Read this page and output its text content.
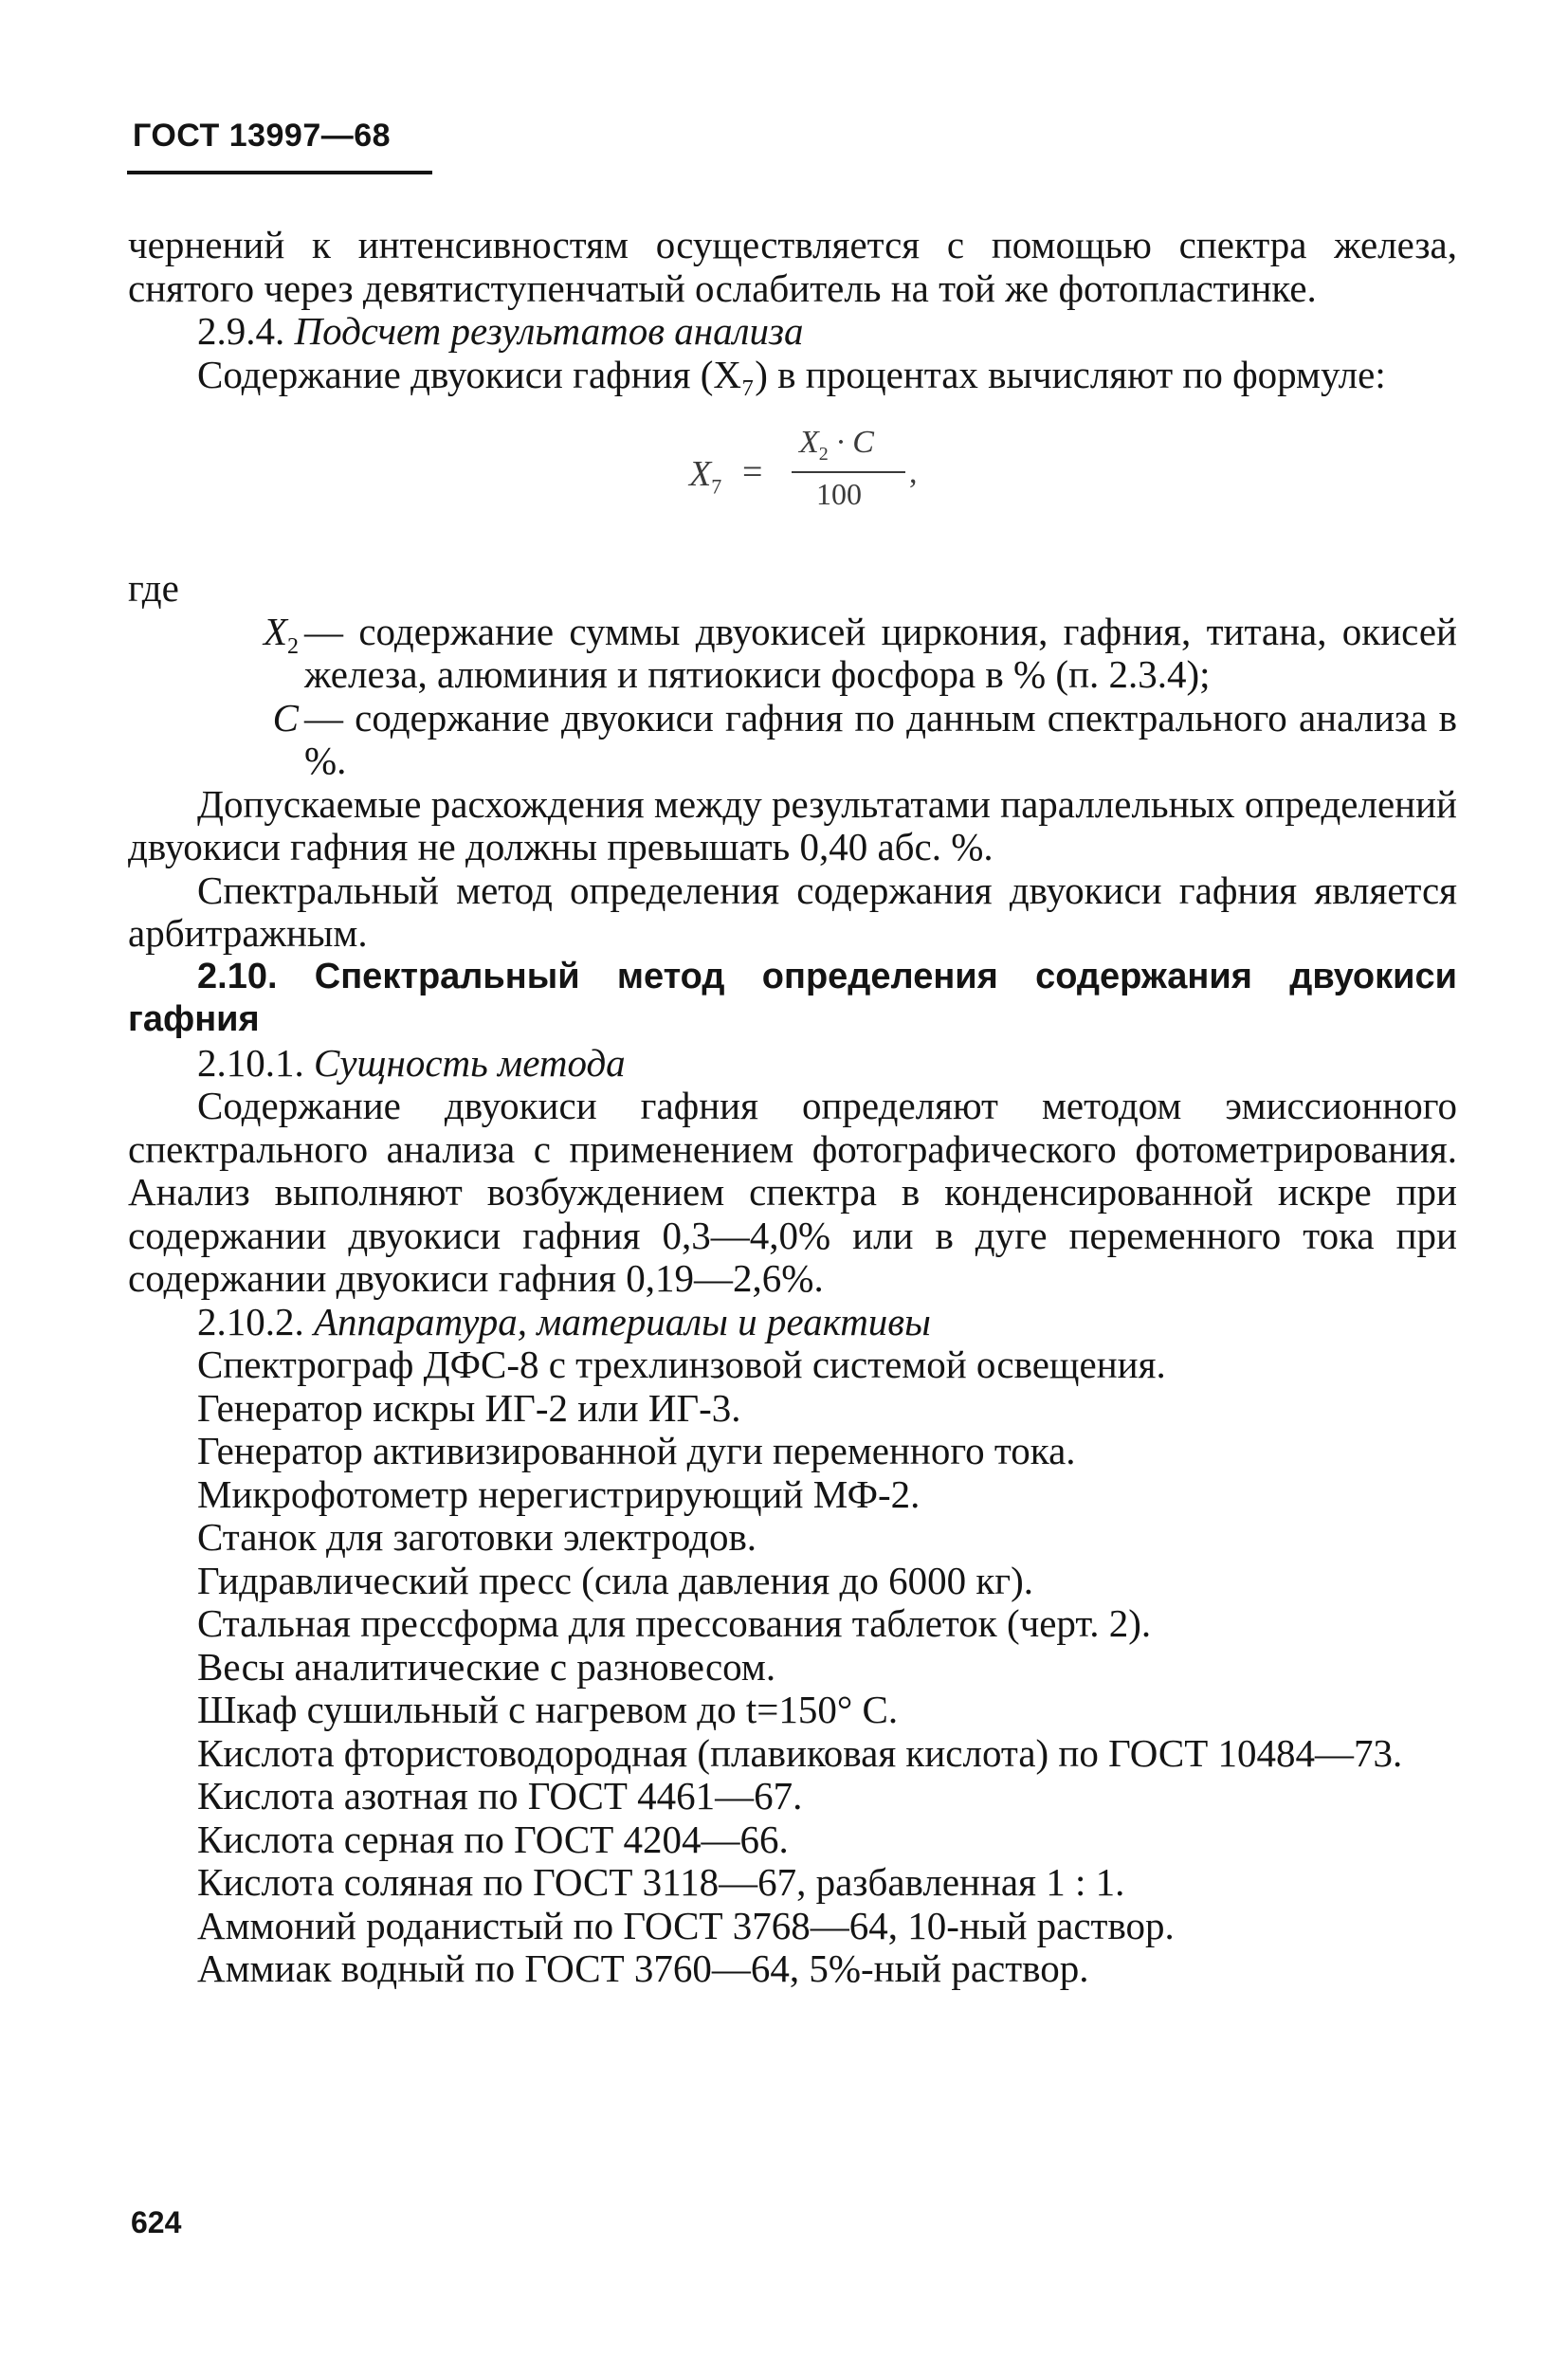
ГОСТ 13997—68

чернений к интенсивностям осуществляется с помощью спектра железа, снятого через девятиступенчатый ослабитель на той же фотопластинке.

2.9.4. Подсчет результатов анализа

Содержание двуокиси гафния (X₇) в процентах вычисляют по формуле:

$X_7$ =
$X_2 \cdot C$
100
,
где
$X_2$ — содержание суммы двуокисей циркония, гафния, титана, окисей железа, алюминия и пятиокиси фосфора в % (п. 2.3.4);
C — содержание двуокиси гафния по данным спектрального анализа в %.

Допускаемые расхождения между результатами параллельных определений двуокиси гафния не должны превышать 0,40 абс. %.

Спектральный метод определения содержания двуокиси гафния является арбитражным.

2.10. Спектральный метод определения содержания двуокиси гафния

2.10.1. Сущность метода

Содержание двуокиси гафния определяют методом эмиссионного спектрального анализа с применением фотографического фотометрирования. Анализ выполняют возбуждением спектра в конденсированной искре при содержании двуокиси гафния 0,3—4,0% или в дуге переменного тока при содержании двуокиси гафния 0,19—2,6%.

2.10.2. Аппаратура, материалы и реактивы

Спектрограф ДФС-8 с трехлинзовой системой освещения.

Генератор искры ИГ-2 или ИГ-3.

Генератор активизированной дуги переменного тока.

Микрофотометр нерегистрирующий МФ-2.

Станок для заготовки электродов.

Гидравлический пресс (сила давления до 6000 кг).

Стальная прессформа для прессования таблеток (черт. 2).

Весы аналитические с разновесом.

Шкаф сушильный с нагревом до t=150° С.

Кислота фтористоводородная (плавиковая кислота) по ГОСТ 10484—73.

Кислота азотная по ГОСТ 4461—67.

Кислота серная по ГОСТ 4204—66.

Кислота соляная по ГОСТ 3118—67, разбавленная 1 : 1.

Аммоний роданистый по ГОСТ 3768—64, 10-ный раствор.

Аммиак водный по ГОСТ 3760—64, 5%-ный раствор.

624
